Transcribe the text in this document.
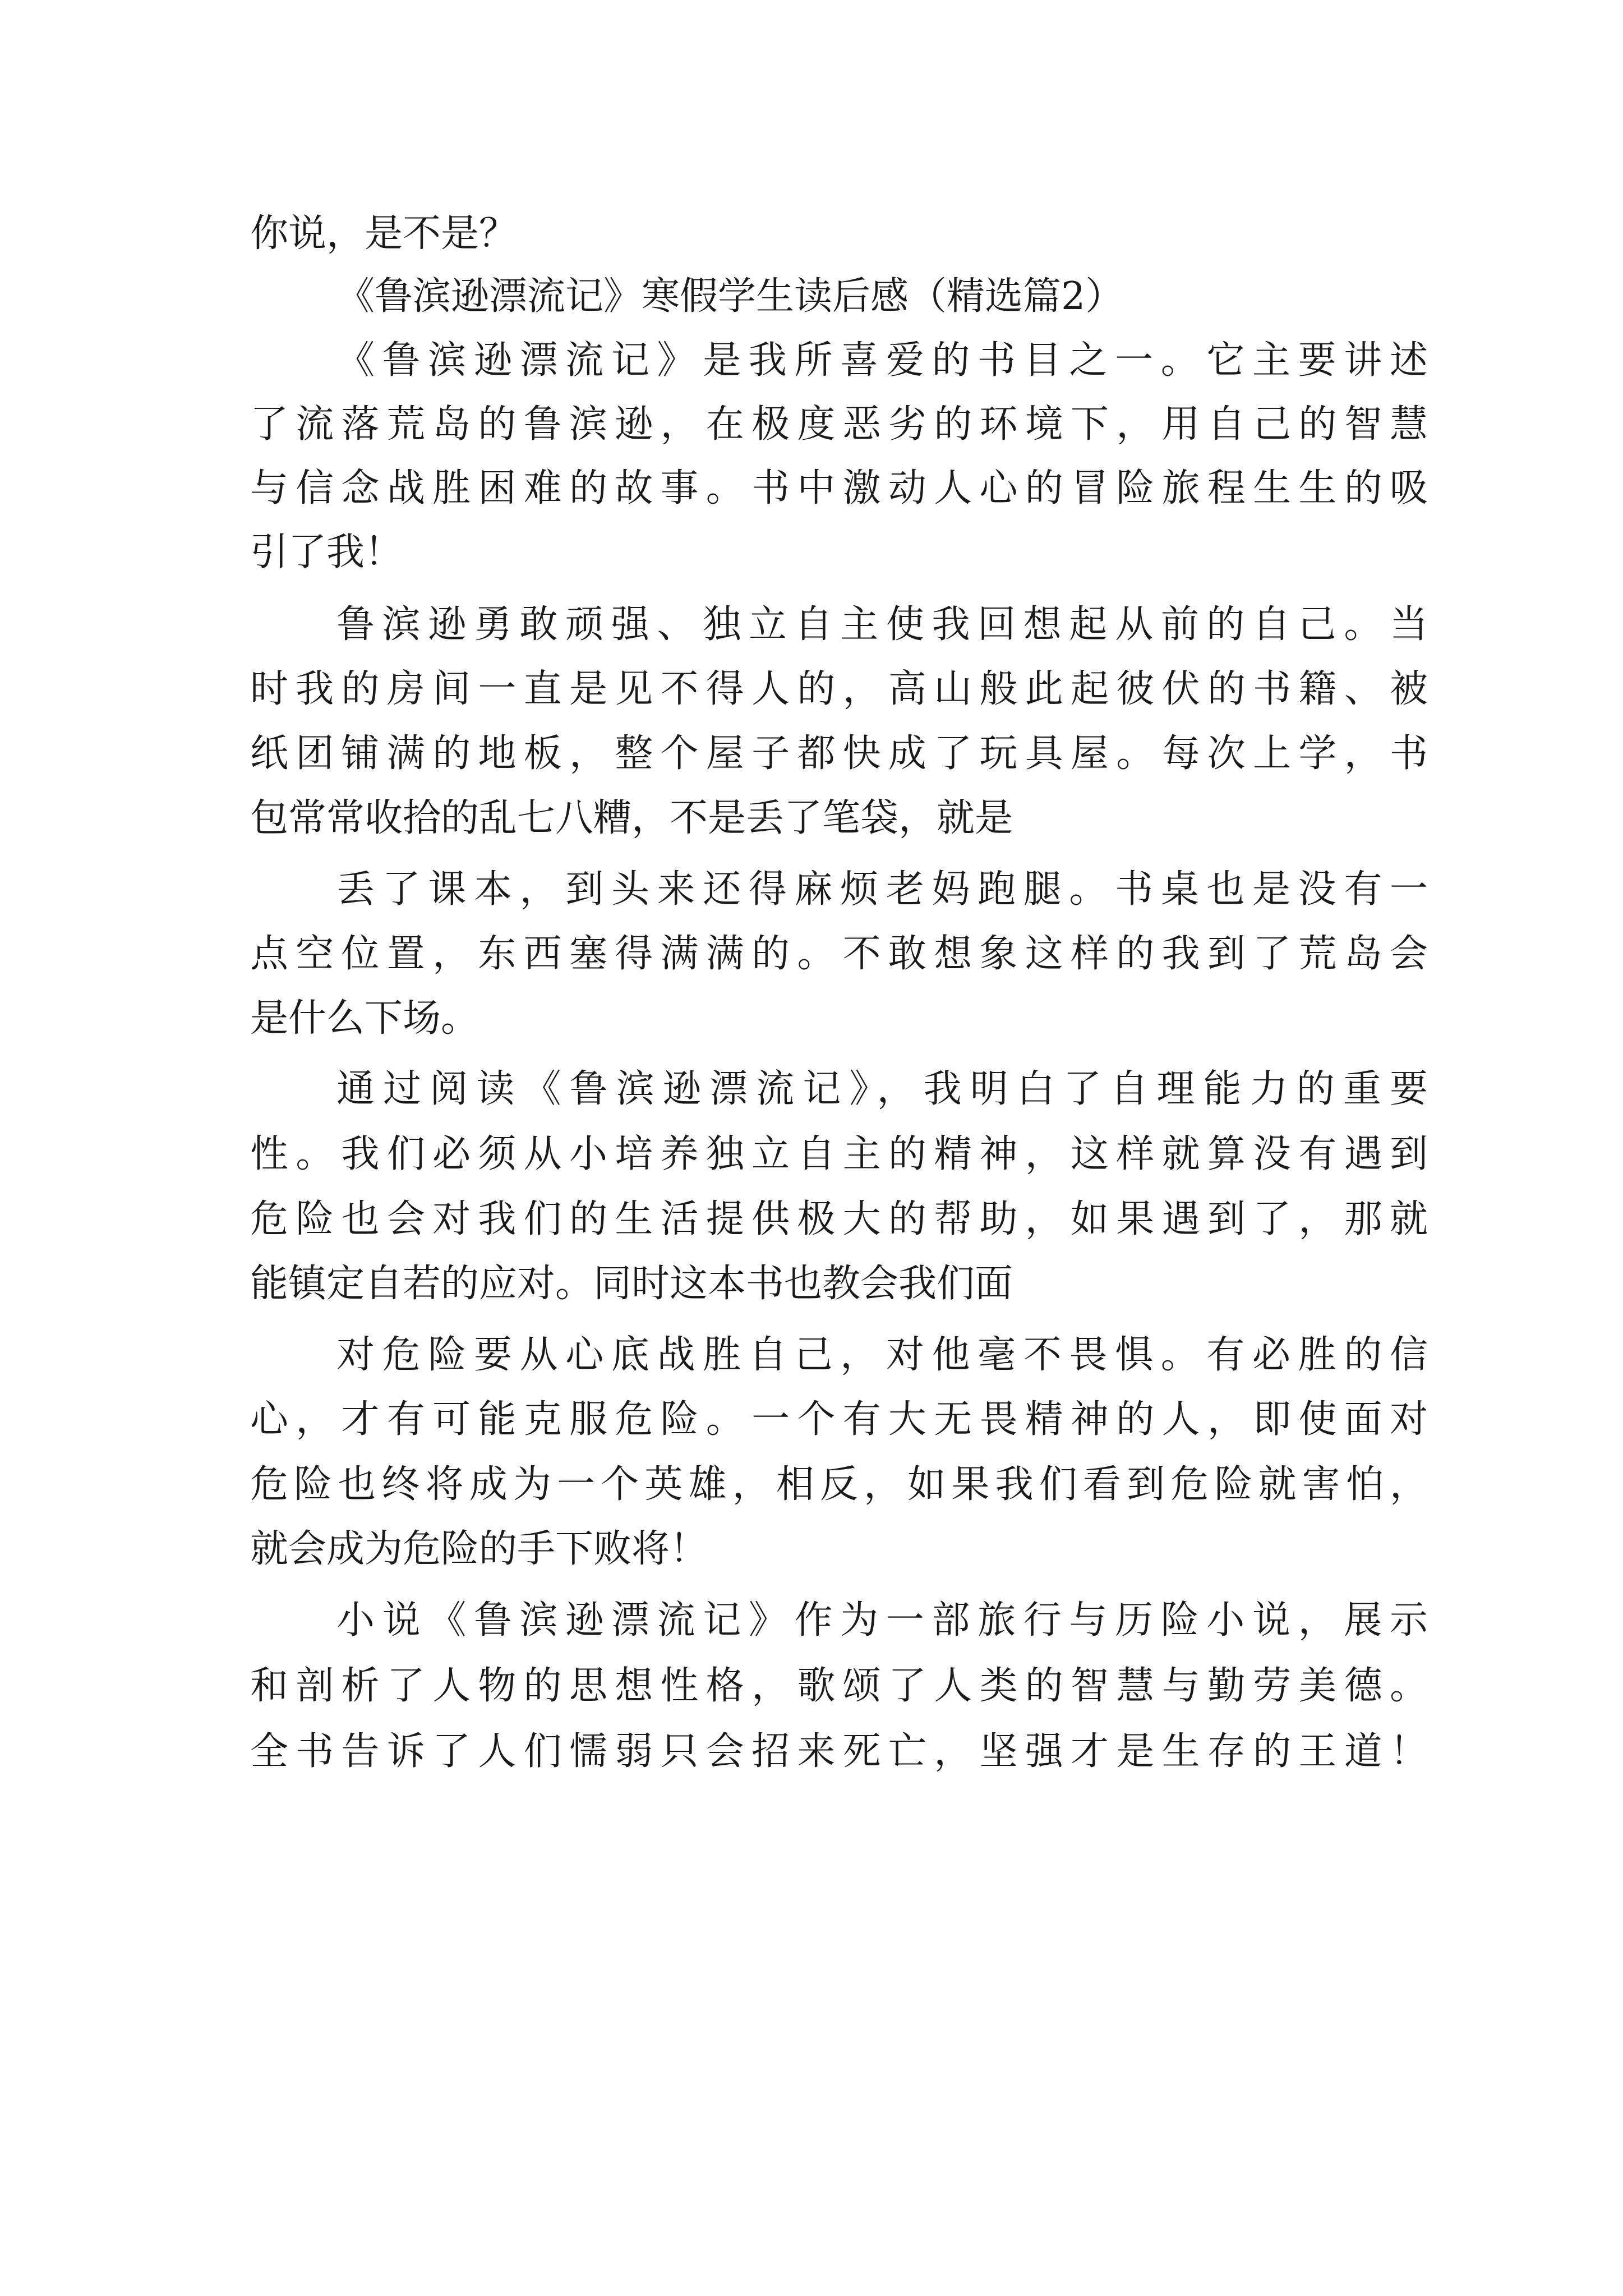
你说，是不是？
《鲁滨逊漂流记》寒假学生读后感（精选篇2）
《鲁滨逊漂流记》是我所喜爱的书目之一。它主要讲述
了流落荒岛的鲁滨逊，在极度恶劣的环境下，用自己的智慧
与信念战胜困难的故事。书中激动人心的冒险旅程生生的吸
引了我！
鲁滨逊勇敢顽强、独立自主使我回想起从前的自己。当
时我的房间一直是见不得人的，高山般此起彼伏的书籍、被
纸团铺满的地板，整个屋子都快成了玩具屋。每次上学，书
包常常收拾的乱七八糟，不是丢了笔袋，就是
丢了课本，到头来还得麻烦老妈跑腿。书桌也是没有一
点空位置，东西塞得满满的。不敢想象这样的我到了荒岛会
是什么下场。
通过阅读《鲁滨逊漂流记》，我明白了自理能力的重要
性。我们必须从小培养独立自主的精神，这样就算没有遇到
危险也会对我们的生活提供极大的帮助，如果遇到了，那就
能镇定自若的应对。同时这本书也教会我们面
对危险要从心底战胜自己，对他毫不畏惧。有必胜的信
心，才有可能克服危险。一个有大无畏精神的人，即使面对
危险也终将成为一个英雄，相反，如果我们看到危险就害怕，
就会成为危险的手下败将！
小说《鲁滨逊漂流记》作为一部旅行与历险小说，展示
和剖析了人物的思想性格，歌颂了人类的智慧与勤劳美德。
全书告诉了人们懦弱只会招来死亡，坚强才是生存的王道！
